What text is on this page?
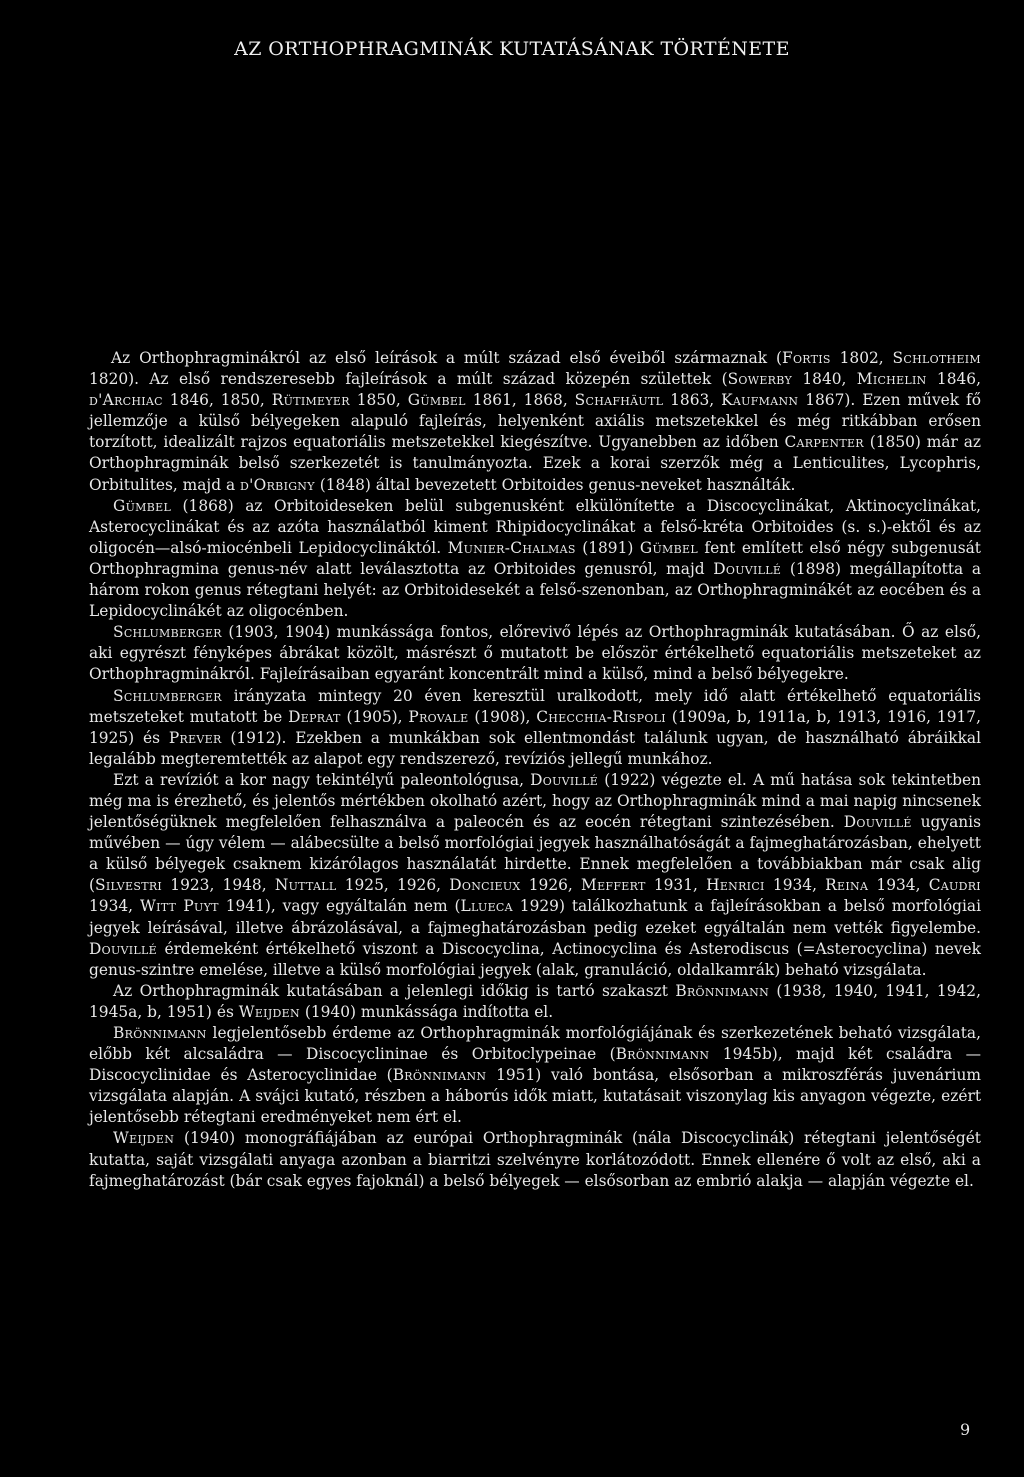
AZ ORTHOPHRAGMINÁK KUTATÁSÁNAK TÖRTÉNETE

Az Orthophragminákról az első leírások a múlt század első éveiből származnak (Fortis 1802, Schlotheim 1820). Az első rendszeresebb fajleírások a múlt század közepén születtek (Sowerby 1840, Michelin 1846, d'Archiac 1846, 1850, Rütimeyer 1850, Gümbel 1861, 1868, Schafhäutl 1863, Kaufmann 1867). Ezen művek fő jellemzője a külső bélyegeken alapuló fajleírás, helyenként axiális metszetekkel és még ritkábban erősen torzított, idealizált rajzos equatoriális metszetekkel kiegészítve. Ugyanebben az időben Carpenter (1850) már az Orthophragminák belső szerkezetét is tanulmányozta. Ezek a korai szerzők még a Lenticulites, Lycophris, Orbitulites, majd a d'Orbigny (1848) által bevezetett Orbitoides genus-neveket használták.

Gümbel (1868) az Orbitoideseken belül subgenusként elkülönítette a Discocyclinákat, Aktinocyclinákat, Asterocyclinákat és az azóta használatból kiment Rhipidocyclinákat a felső-kréta Orbitoides (s. s.)-ektől és az oligocén—alsó-miocénbeli Lepidocyclináktól. Munier-Chalmas (1891) Gümbel fent említett első négy subgenusát Orthophragmina genus-név alatt leválasztotta az Orbitoides genusról, majd Douvillé (1898) megállapította a három rokon genus rétegtani helyét: az Orbitoidesekét a felső-szenonban, az Orthophragminákét az eocében és a Lepidocyclinákét az oligocénben.

Schlumberger (1903, 1904) munkássága fontos, előrevivő lépés az Orthophragminák kutatásában. Ő az első, aki egyrészt fényképes ábrákat közölt, másrészt ő mutatott be először értékelhető equatoriális metszeteket az Orthophragminákról. Fajleírásaiban egyaránt koncentrált mind a külső, mind a belső bélyegekre.

Schlumberger irányzata mintegy 20 éven keresztül uralkodott, mely idő alatt értékelhető equatoriális metszeteket mutatott be Deprat (1905), Provale (1908), Checchia-Rispoli (1909a, b, 1911a, b, 1913, 1916, 1917, 1925) és Prever (1912). Ezekben a munkákban sok ellentmondást találunk ugyan, de használható ábráikkal legalább megteremtették az alapot egy rendszerező, revíziós jellegű munkához.

Ezt a revíziót a kor nagy tekintélyű paleontológusa, Douvillé (1922) végezte el. A mű hatása sok tekintetben még ma is érezhető, és jelentős mértékben okolható azért, hogy az Orthophragminák mind a mai napig nincsenek jelentőségüknek megfelelően felhasználva a paleocén és az eocén rétegtani szintezésében. Douvillé ugyanis művében — úgy vélem — alábecsülte a belső morfológiai jegyek használhatóságát a fajmeghatározásban, ehelyett a külső bélyegek csaknem kizárólagos használatát hirdette. Ennek megfelelően a továbbiakban már csak alig (Silvestri 1923, 1948, Nuttall 1925, 1926, Doncieux 1926, Meffert 1931, Henrici 1934, Reina 1934, Caudri 1934, Witt Puyt 1941), vagy egyáltalán nem (Llueca 1929) találkozhatunk a fajleírásokban a belső morfológiai jegyek leírásával, illetve ábrázolásával, a fajmeghatározásban pedig ezeket egyáltalán nem vették figyelembe. Douvillé érdemeként értékelhető viszont a Discocyclina, Actinocyclina és Asterodiscus (=Asterocyclina) nevek genus-szintre emelése, illetve a külső morfológiai jegyek (alak, granuláció, oldalkamrák) beható vizsgálata.

Az Orthophragminák kutatásában a jelenlegi időkig is tartó szakaszt Brönnimann (1938, 1940, 1941, 1942, 1945a, b, 1951) és Weijden (1940) munkássága indította el.

Brönnimann legjelentősebb érdeme az Orthophragminák morfológiájának és szerkezetének beható vizsgálata, előbb két alcsaládra — Discocyclininae és Orbitoclypeinae (Brönnimann 1945b), majd két családra — Discocyclinidae és Asterocyclinidae (Brönnimann 1951) való bontása, elsősorban a mikroszférás juvenárium vizsgálata alapján. A svájci kutató, részben a háborús idők miatt, kutatásait viszonylag kis anyagon végezte, ezért jelentősebb rétegtani eredményeket nem ért el.

Weijden (1940) monográfiájában az európai Orthophragminák (nála Discocyclinák) rétegtani jelentőségét kutatta, saját vizsgálati anyaga azonban a biarritzi szelvényre korlátozódott. Ennek ellenére ő volt az első, aki a fajmeghatározást (bár csak egyes fajoknál) a belső bélyegek — elsősorban az embrió alakja — alapján végezte el.

9
